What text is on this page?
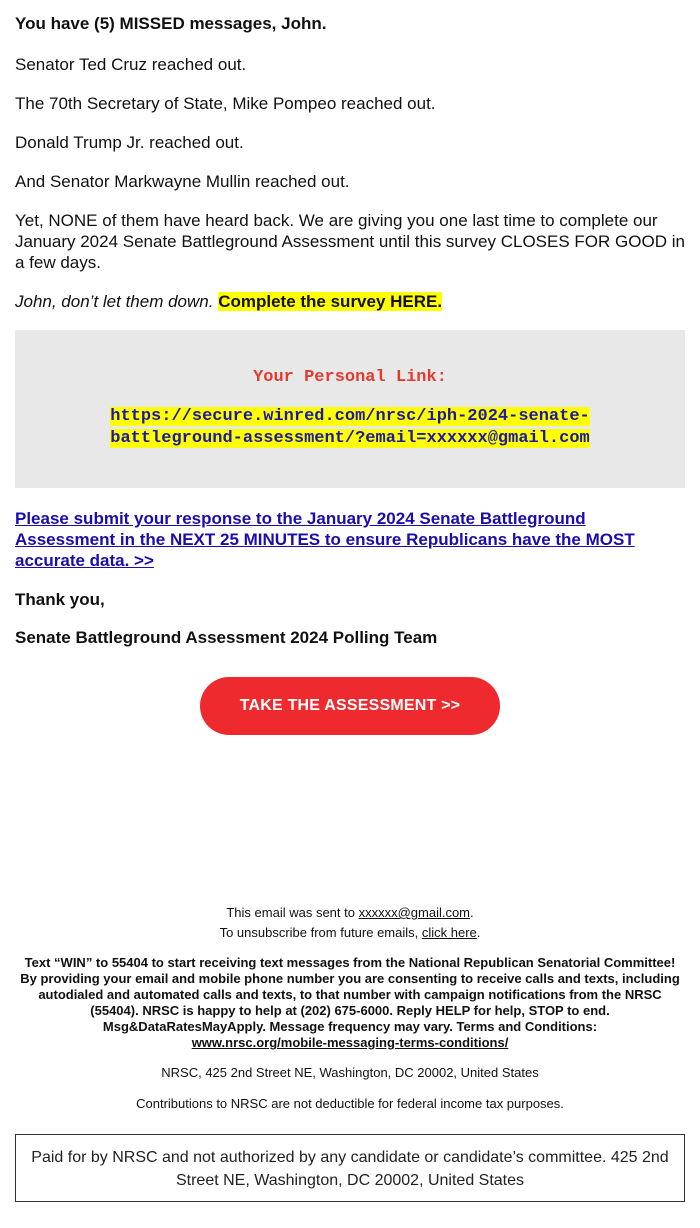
You have (5) MISSED messages, John.

Senator Ted Cruz reached out.

The 70th Secretary of State, Mike Pompeo reached out.

Donald Trump Jr. reached out.

And Senator Markwayne Mullin reached out.

Yet, NONE of them have heard back. We are giving you one last time to complete our January 2024 Senate Battleground Assessment until this survey CLOSES FOR GOOD in a few days.

John, don’t let them down. Complete the survey HERE.

Your Personal Link:
https://secure.winred.com/nrsc/iph-2024-senate-battleground-assessment/?email=xxxxxx@gmail.com

Please submit your response to the January 2024 Senate Battleground Assessment in the NEXT 25 MINUTES to ensure Republicans have the MOST accurate data. >>

Thank you,

Senate Battleground Assessment 2024 Polling Team

TAKE THE ASSESSMENT >>
This email was sent to xxxxxx@gmail.com.
To unsubscribe from future emails, click here.
Text “WIN” to 55404 to start receiving text messages from the National Republican Senatorial Committee! By providing your email and mobile phone number you are consenting to receive calls and texts, including autodialed and automated calls and texts, to that number with campaign notifications from the NRSC (55404). NRSC is happy to help at (202) 675-6000. Reply HELP for help, STOP to end. Msg&DataRatesMayApply. Message frequency may vary. Terms and Conditions:
www.nrsc.org/mobile-messaging-terms-conditions/
NRSC, 425 2nd Street NE, Washington, DC 20002, United States
Contributions to NRSC are not deductible for federal income tax purposes.
Paid for by NRSC and not authorized by any candidate or candidate’s committee. 425 2nd Street NE, Washington, DC 20002, United States
